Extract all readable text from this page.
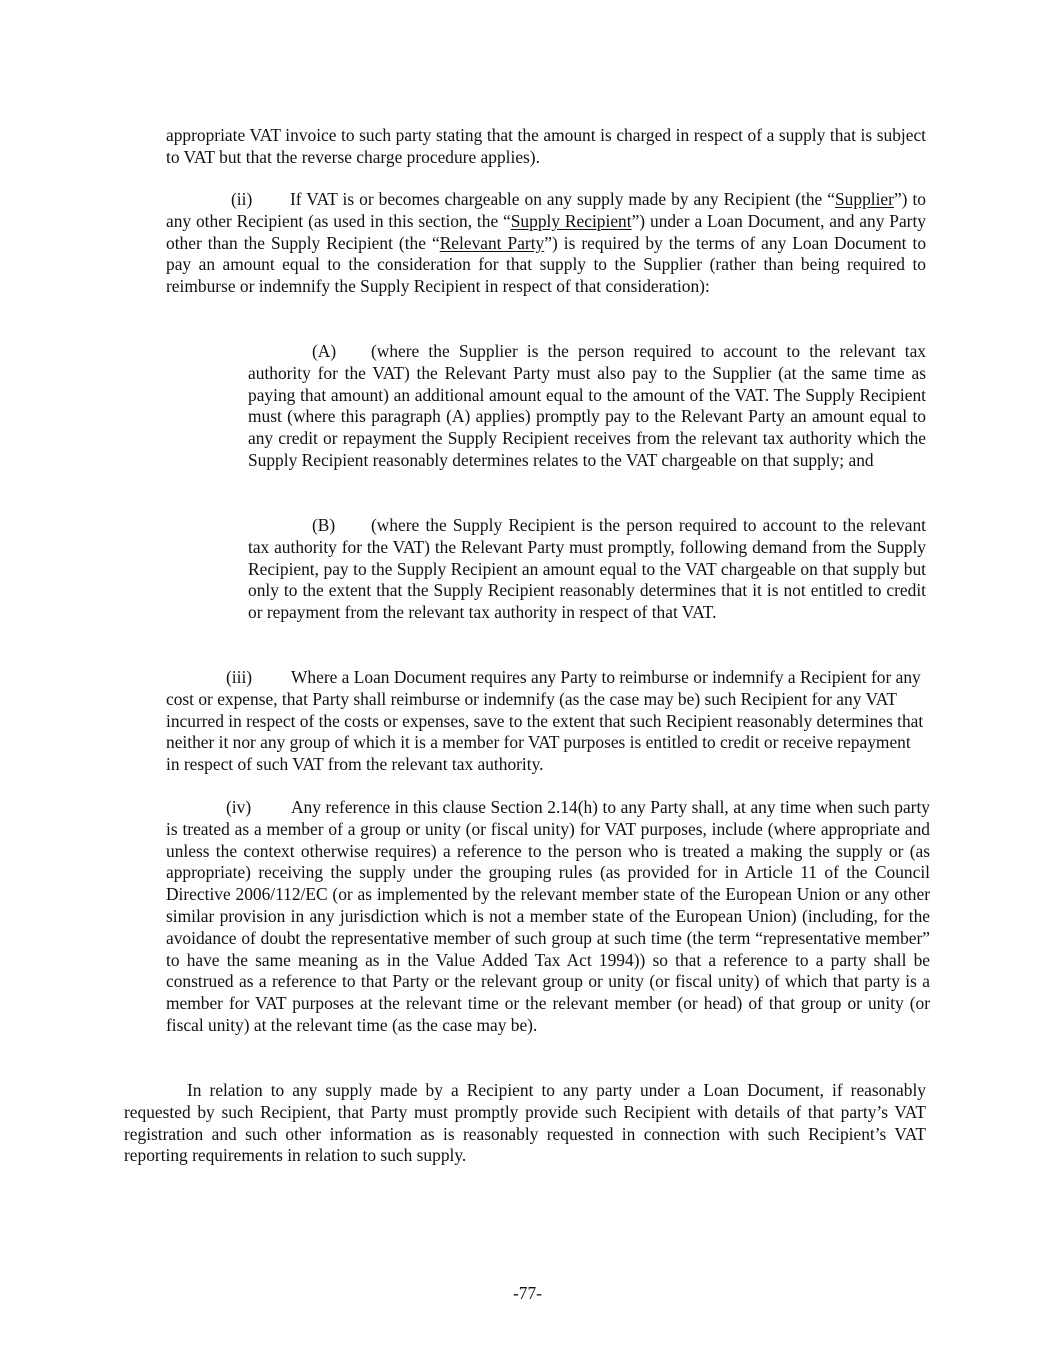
appropriate VAT invoice to such party stating that the amount is charged in respect of a supply that is subject to VAT but that the reverse charge procedure applies).

(ii) If VAT is or becomes chargeable on any supply made by any Recipient (the “Supplier”) to any other Recipient (as used in this section, the “Supply Recipient”) under a Loan Document, and any Party other than the Supply Recipient (the “Relevant Party”) is required by the terms of any Loan Document to pay an amount equal to the consideration for that supply to the Supplier (rather than being required to reimburse or indemnify the Supply Recipient in respect of that consideration):

(A) (where the Supplier is the person required to account to the relevant tax authority for the VAT) the Relevant Party must also pay to the Supplier (at the same time as paying that amount) an additional amount equal to the amount of the VAT. The Supply Recipient must (where this paragraph (A) applies) promptly pay to the Relevant Party an amount equal to any credit or repayment the Supply Recipient receives from the relevant tax authority which the Supply Recipient reasonably determines relates to the VAT chargeable on that supply; and

(B) (where the Supply Recipient is the person required to account to the relevant tax authority for the VAT) the Relevant Party must promptly, following demand from the Supply Recipient, pay to the Supply Recipient an amount equal to the VAT chargeable on that supply but only to the extent that the Supply Recipient reasonably determines that it is not entitled to credit or repayment from the relevant tax authority in respect of that VAT.

(iii) Where a Loan Document requires any Party to reimburse or indemnify a Recipient for any cost or expense, that Party shall reimburse or indemnify (as the case may be) such Recipient for any VAT incurred in respect of the costs or expenses, save to the extent that such Recipient reasonably determines that neither it nor any group of which it is a member for VAT purposes is entitled to credit or receive repayment in respect of such VAT from the relevant tax authority.

(iv) Any reference in this clause Section 2.14(h) to any Party shall, at any time when such party is treated as a member of a group or unity (or fiscal unity) for VAT purposes, include (where appropriate and unless the context otherwise requires) a reference to the person who is treated a making the supply or (as appropriate) receiving the supply under the grouping rules (as provided for in Article 11 of the Council Directive 2006/112/EC (or as implemented by the relevant member state of the European Union or any other similar provision in any jurisdiction which is not a member state of the European Union) (including, for the avoidance of doubt the representative member of such group at such time (the term “representative member” to have the same meaning as in the Value Added Tax Act 1994)) so that a reference to a party shall be construed as a reference to that Party or the relevant group or unity (or fiscal unity) of which that party is a member for VAT purposes at the relevant time or the relevant member (or head) of that group or unity (or fiscal unity) at the relevant time (as the case may be).

In relation to any supply made by a Recipient to any party under a Loan Document, if reasonably requested by such Recipient, that Party must promptly provide such Recipient with details of that party’s VAT registration and such other information as is reasonably requested in connection with such Recipient’s VAT reporting requirements in relation to such supply.

-77-
